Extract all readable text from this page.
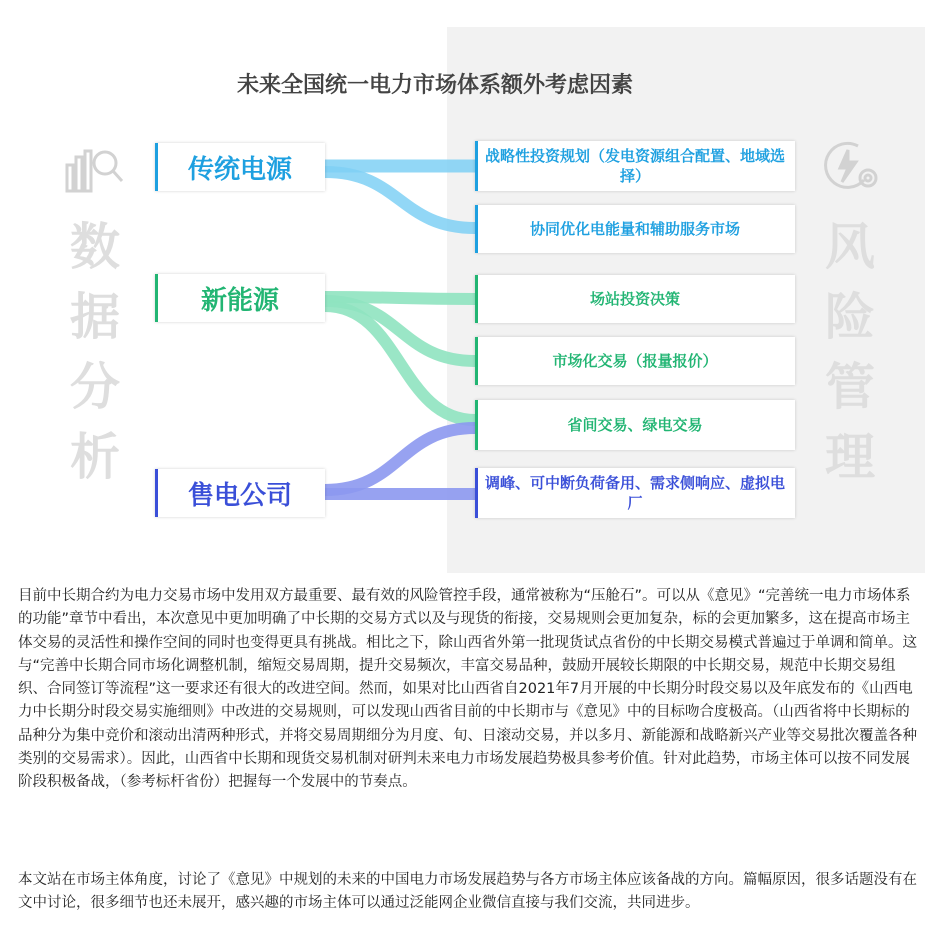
未来全国统一电力市场体系额外考虑因素
数
据
分
析
风
险
管
理
传统电源
新能源
售电公司
战略性投资规划（发电资源组合配置、地域选择）
协同优化电能量和辅助服务市场
场站投资决策
市场化交易（报量报价）
省间交易、绿电交易
调峰、可中断负荷备用、需求侧响应、虚拟电厂

目前中长期合约为电力交易市场中发用双方最重要、最有效的风险管控手段，通常被称为“压舱石”。可以从《意见》“完善统一电力市场体系的功能”章节中看出，本次意见中更加明确了中长期的交易方式以及与现货的衔接，交易规则会更加复杂，标的会更加繁多，这在提高市场主体交易的灵活性和操作空间的同时也变得更具有挑战。相比之下，除山西省外第一批现货试点省份的中长期交易模式普遍过于单调和简单。这与“完善中长期合同市场化调整机制，缩短交易周期，提升交易频次，丰富交易品种，鼓励开展较长期限的中长期交易，规范中长期交易组织、合同签订等流程”这一要求还有很大的改进空间。然而，如果对比山西省自2021年7月开展的中长期分时段交易以及年底发布的《山西电力中长期分时段交易实施细则》中改进的交易规则，可以发现山西省目前的中长期市与《意见》中的目标吻合度极高。（山西省将中长期标的品种分为集中竞价和滚动出清两种形式，并将交易周期细分为月度、旬、日滚动交易，并以多月、新能源和战略新兴产业等交易批次覆盖各种类别的交易需求）。因此，山西省中长期和现货交易机制对研判未来电力市场发展趋势极具参考价值。针对此趋势，市场主体可以按不同发展阶段积极备战，（参考标杆省份）把握每一个发展中的节奏点。

本文站在市场主体角度，讨论了《意见》中规划的未来的中国电力市场发展趋势与各方市场主体应该备战的方向。篇幅原因，很多话题没有在文中讨论，很多细节也还未展开，感兴趣的市场主体可以通过泛能网企业微信直接与我们交流，共同进步。
